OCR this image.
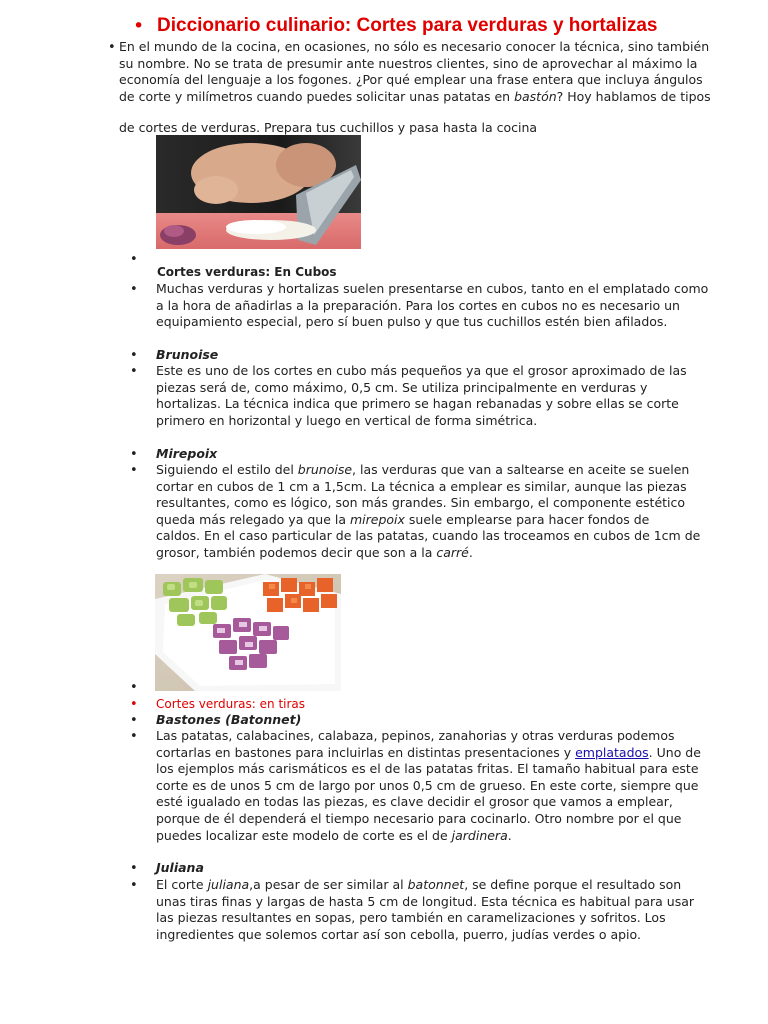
• Diccionario culinario: Cortes para verduras y hortalizas
• En el mundo de la cocina, en ocasiones, no sólo es necesario conocer la técnica, sino también
su nombre. No se trata de presumir ante nuestros clientes, sino de aprovechar al máximo la
economía del lenguaje a los fogones. ¿Por qué emplear una frase entera que incluya ángulos
de corte y milímetros cuando puedes solicitar unas patatas en bastón? Hoy hablamos de tipos
de cortes de verduras. Prepara tus cuchillos y pasa hasta la cocina
•
Cortes verduras: En Cubos
• Muchas verduras y hortalizas suelen presentarse en cubos, tanto en el emplatado como
a la hora de añadirlas a la preparación. Para los cortes en cubos no es necesario un
equipamiento especial, pero sí buen pulso y que tus cuchillos estén bien afilados.
• Brunoise
• Este es uno de los cortes en cubo más pequeños ya que el grosor aproximado de las
piezas será de, como máximo, 0,5 cm. Se utiliza principalmente en verduras y
hortalizas. La técnica indica que primero se hagan rebanadas y sobre ellas se corte
primero en horizontal y luego en vertical de forma simétrica.
• Mirepoix
• Siguiendo el estilo del brunoise, las verduras que van a saltearse en aceite se suelen
cortar en cubos de 1 cm a 1,5cm. La técnica a emplear es similar, aunque las piezas
resultantes, como es lógico, son más grandes. Sin embargo, el componente estético
queda más relegado ya que la mirepoix suele emplearse para hacer fondos de
caldos. En el caso particular de las patatas, cuando las troceamos en cubos de 1cm de
grosor, también podemos decir que son a la carré.
•
• Cortes verduras: en tiras
• Bastones (Batonnet)
• Las patatas, calabacines, calabaza, pepinos, zanahorias y otras verduras podemos
cortarlas en bastones para incluirlas en distintas presentaciones y emplatados. Uno de
los ejemplos más carismáticos es el de las patatas fritas. El tamaño habitual para este
corte es de unos 5 cm de largo por unos 0,5 cm de grueso. En este corte, siempre que
esté igualado en todas las piezas, es clave decidir el grosor que vamos a emplear,
porque de él dependerá el tiempo necesario para cocinarlo. Otro nombre por el que
puedes localizar este modelo de corte es el de jardinera.
• Juliana
• El corte juliana,a pesar de ser similar al batonnet, se define porque el resultado son
unas tiras finas y largas de hasta 5 cm de longitud. Esta técnica es habitual para usar
las piezas resultantes en sopas, pero también en caramelizaciones y sofritos. Los
ingredientes que solemos cortar así son cebolla, puerro, judías verdes o apio.
